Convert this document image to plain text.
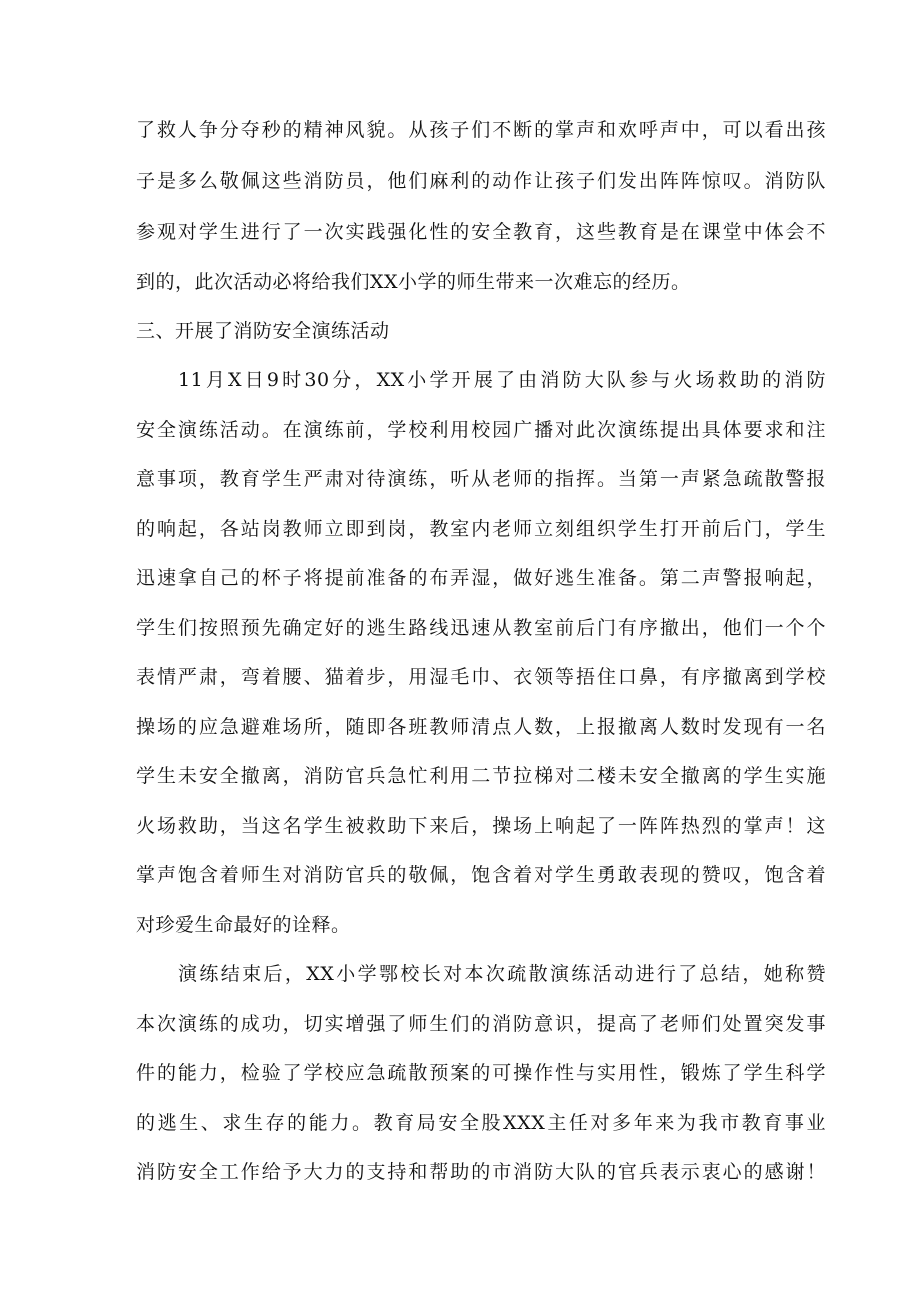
了救人争分夺秒的精神风貌。从孩子们不断的掌声和欢呼声中，可以看出孩
子是多么敬佩这些消防员，他们麻利的动作让孩子们发出阵阵惊叹。消防队
参观对学生进行了一次实践强化性的安全教育，这些教育是在课堂中体会不
到的，此次活动必将给我们XX小学的师生带来一次难忘的经历。
三、开展了消防安全演练活动
11月X日9时30分，XX小学开展了由消防大队参与火场救助的消防
安全演练活动。在演练前，学校利用校园广播对此次演练提出具体要求和注
意事项，教育学生严肃对待演练，听从老师的指挥。当第一声紧急疏散警报
的响起，各站岗教师立即到岗，教室内老师立刻组织学生打开前后门，学生
迅速拿自己的杯子将提前准备的布弄湿，做好逃生准备。第二声警报响起，
学生们按照预先确定好的逃生路线迅速从教室前后门有序撤出，他们一个个
表情严肃，弯着腰、猫着步，用湿毛巾、衣领等捂住口鼻，有序撤离到学校
操场的应急避难场所，随即各班教师清点人数，上报撤离人数时发现有一名
学生未安全撤离，消防官兵急忙利用二节拉梯对二楼未安全撤离的学生实施
火场救助，当这名学生被救助下来后，操场上响起了一阵阵热烈的掌声！这
掌声饱含着师生对消防官兵的敬佩，饱含着对学生勇敢表现的赞叹，饱含着
对珍爱生命最好的诠释。
演练结束后，XX小学鄂校长对本次疏散演练活动进行了总结，她称赞
本次演练的成功，切实增强了师生们的消防意识，提高了老师们处置突发事
件的能力，检验了学校应急疏散预案的可操作性与实用性，锻炼了学生科学
的逃生、求生存的能力。教育局安全股XXX主任对多年来为我市教育事业
消防安全工作给予大力的支持和帮助的市消防大队的官兵表示衷心的感谢！
